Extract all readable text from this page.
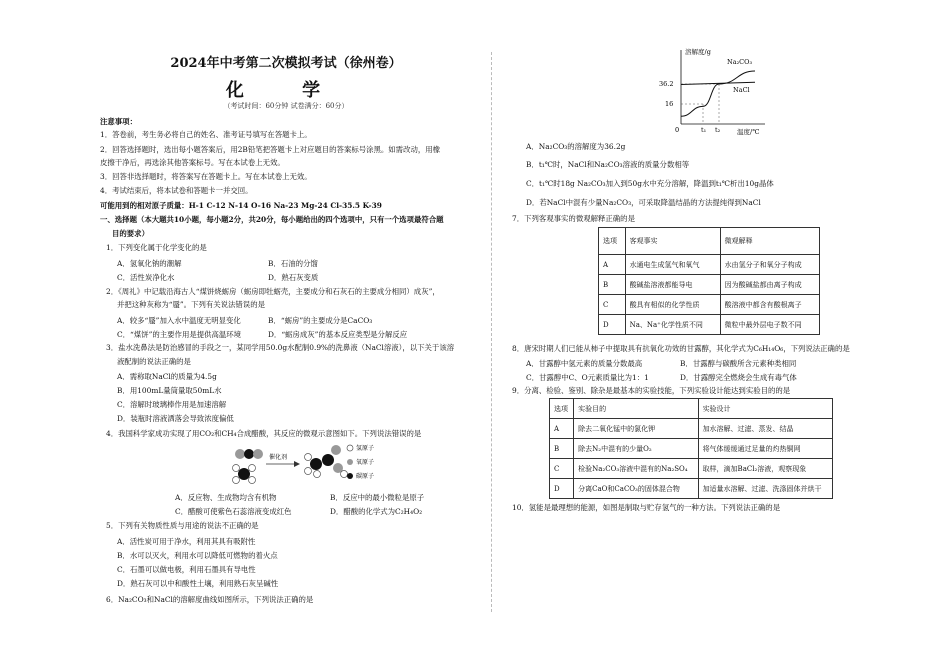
2024年中考第二次模拟考试（徐州卷）
化 学
（考试时间：60分钟 试卷满分：60分）
注意事项：
1．答卷前，考生务必将自己的姓名、准考证号填写在答题卡上。
2．回答选择题时，选出每小题答案后，用2B铅笔把答题卡上对应题目的答案标号涂黑。如需改动，用橡
皮擦干净后，再选涂其他答案标号。写在本试卷上无效。
3．回答非选择题时，将答案写在答题卡上。写在本试卷上无效。
4．考试结束后，将本试卷和答题卡一并交回。
可能用到的相对原子质量：H-1 C-12 N-14 O-16 Na-23 Mg-24 Cl-35.5 K-39
一、选择题（本大题共10小题，每小题2分，共20分，每小题给出的四个选项中，只有一个选项最符合题
目的要求）
1．下列变化属于化学变化的是
A．氢氧化钠的潮解	B．石油的分馏
C．活性炭净化水	D．熟石灰变质
2．《周礼》中记载沿海古人“煤饼烧蛎房（蛎房即牡蛎壳，主要成分和石灰石的主要成分相同）成灰”，
并把这种灰称为“蜃”。下列有关说法错误的是
A．较多“蜃”加入水中温度无明显变化	B．“蛎房”的主要成分是CaCO₃
C．“煤饼”的主要作用是提供高温环境	D．“蛎房成灰”的基本反应类型是分解反应
3．盐水洗鼻法是防治感冒的手段之一，某同学用50.0g水配制0.9%的洗鼻液（NaCl溶液），以下关于该溶
液配制的说法正确的是
A．需称取NaCl的质量为4.5g
B．用100mL量筒量取50mL水
C．溶解时玻璃棒作用是加速溶解
D．装瓶时溶液洒落会导致浓度偏低
4．我国科学家成功实现了用CO₂和CH₄合成醋酸，其反应的微观示意图如下。下列说法错误的是
催化剂
氢原子
氧原子
碳原子
A．反应物、生成物均含有机物	B．反应中的最小微粒是原子
C．醋酸可使紫色石蕊溶液变成红色	D．醋酸的化学式为C₂H₄O₂
5．下列有关物质性质与用途的说法不正确的是
A．活性炭可用于净水，利用其具有吸附性
B．水可以灭火，利用水可以降低可燃物的着火点
C．石墨可以做电极，利用石墨具有导电性
D．熟石灰可以中和酸性土壤，利用熟石灰呈碱性
6．Na₂CO₃和NaCl的溶解度曲线如图所示，下列说法正确的是
溶解度/g
温度/℃
36.2
16
0	t₁ t₂
Na₂CO₃
NaCl
A．Na₂CO₃的溶解度为36.2g
B．t₁℃时，NaCl和Na₂CO₃溶液的质量分数相等
C．t₁℃时18g Na₂CO₃加入到50g水中充分溶解，降温到t₁℃析出10g晶体
D．若NaCl中混有少量Na₂CO₃，可采取降温结晶的方法提纯得到NaCl
7．下列客观事实的微观解释正确的是
选项	客观事实	微观解释
A	水通电生成氢气和氧气	水由氢分子和氧分子构成
B	酸碱盐溶液都能导电	因为酸碱盐都由离子构成
C	酸具有相似的化学性质	酸溶液中都含有酸根离子
D	Na、Na⁺化学性质不同	微粒中最外层电子数不同
8．唐宋时期人们已能从柿子中提取具有抗氧化功效的甘露醇，其化学式为C₆H₁₄O₆，下列说法正确的是
A．甘露醇中氢元素的质量分数最高	B．甘露醇与碳酸所含元素种类相同
C．甘露醇中C、O元素质量比为1：1	D．甘露醇完全燃烧会生成有毒气体
9．分离、检验、鉴别、除杂是最基本的实验技能，下列实验设计能达到实验目的的是
选项	实验目的	实验设计
A	除去二氧化锰中的氯化钾	加水溶解、过滤、蒸发、结晶
B	除去N₂中混有的少量O₂	将气体缓缓通过足量的灼热铜网
C	检验Na₂CO₃溶液中混有的Na₂SO₄	取样，滴加BaCl₂溶液，观察现象
D	分离CaO和CaCO₃的固体混合物	加适量水溶解、过滤、洗涤固体并烘干
10．氢能是最理想的能源，如图是制取与贮存氢气的一种方法。下列说法正确的是
